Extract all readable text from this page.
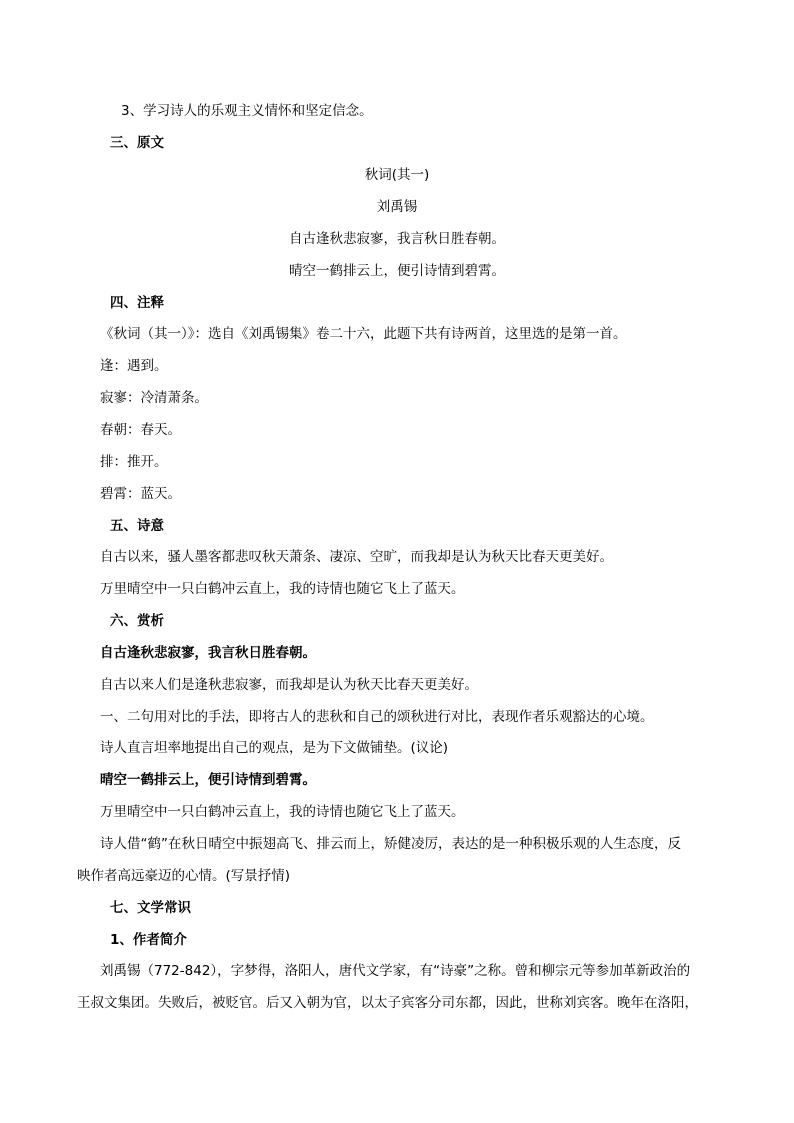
3、学习诗人的乐观主义情怀和坚定信念。
三、原文
秋词(其一)
刘禹锡
自古逢秋悲寂寥，我言秋日胜春朝。
晴空一鹤排云上，便引诗情到碧霄。
四、注释
《秋词（其一）》：选自《刘禹锡集》卷二十六，此题下共有诗两首，这里选的是第一首。
逢：遇到。
寂寥：冷清萧条。
春朝：春天。
排：推开。
碧霄：蓝天。
五、诗意
自古以来，骚人墨客都悲叹秋天萧条、凄凉、空旷，而我却是认为秋天比春天更美好。
万里晴空中一只白鹤冲云直上，我的诗情也随它飞上了蓝天。
六、赏析
自古逢秋悲寂寥，我言秋日胜春朝。
自古以来人们是逢秋悲寂寥，而我却是认为秋天比春天更美好。
一、二句用对比的手法，即将古人的悲秋和自己的颂秋进行对比，表现作者乐观豁达的心境。
诗人直言坦率地提出自己的观点，是为下文做铺垫。(议论)
晴空一鹤排云上，便引诗情到碧霄。
万里晴空中一只白鹤冲云直上，我的诗情也随它飞上了蓝天。
诗人借“鹤”在秋日晴空中振翅高飞、排云而上，矫健凌厉，表达的是一种积极乐观的人生态度，反
映作者高远豪迈的心情。(写景抒情)
七、文学常识
1、作者简介
刘禹锡（772-842），字梦得，洛阳人，唐代文学家，有“诗豪”之称。曾和柳宗元等参加革新政治的
王叔文集团。失败后，被贬官。后又入朝为官，以太子宾客分司东都，因此，世称刘宾客。晚年在洛阳，
